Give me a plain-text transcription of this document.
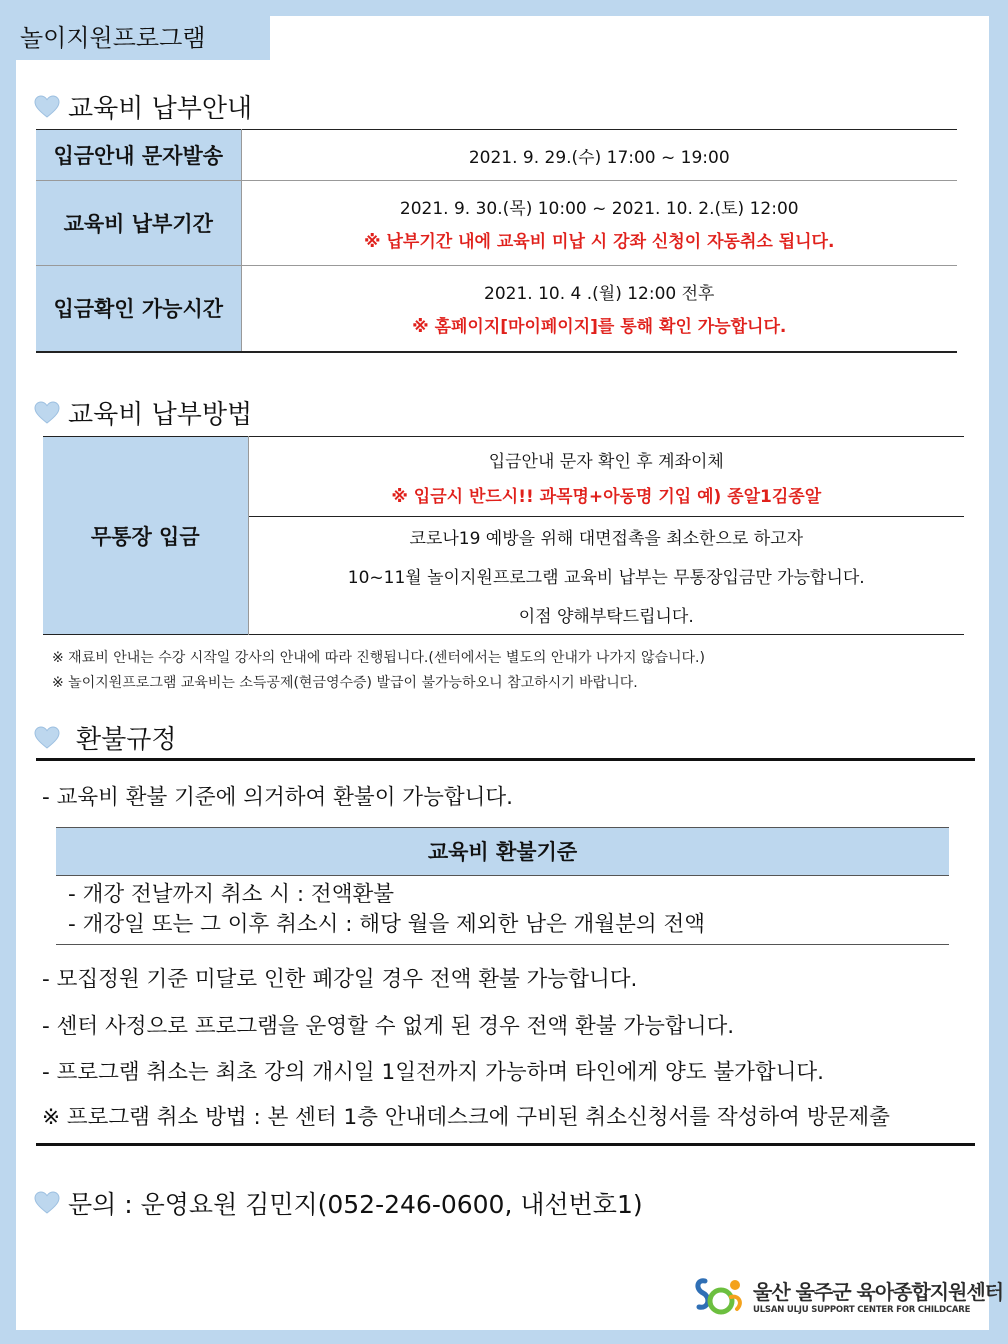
놀이지원프로그램
교육비 납부안내
입금안내 문자발송	2021. 9. 29.(수) 17:00 ~ 19:00

교육비 납부기간	2021. 9. 30.(목) 10:00 ~ 2021. 10. 2.(토) 12:00
※ 납부기간 내에 교육비 미납 시 강좌 신청이 자동취소 됩니다.

입금확인 가능시간	2021. 10. 4 .(월) 12:00 전후
※ 홈페이지[마이페이지]를 통해 확인 가능합니다.
교육비 납부방법
무통장 입금	
입금안내 문자 확인 후 계좌이체
※ 입금시 반드시!! 과목명+아동명 기입 예) 종알1김종알

코로나19 예방을 위해 대면접촉을 최소한으로 하고자
10~11월 놀이지원프로그램 교육비 납부는 무통장입금만 가능합니다.
이점 양해부탁드립니다.
※ 재료비 안내는 수강 시작일 강사의 안내에 따라 진행됩니다.(센터에서는 별도의 안내가 나가지 않습니다.)
※ 놀이지원프로그램 교육비는 소득공제(현금영수증) 발급이 불가능하오니 참고하시기 바랍니다.
환불규정
- 교육비 환불 기준에 의거하여 환불이 가능합니다.
교육비 환불기준
- 개강 전날까지 취소 시 : 전액환불
- 개강일 또는 그 이후 취소시 : 해당 월을 제외한 남은 개월분의 전액
- 모집정원 기준 미달로 인한 폐강일 경우 전액 환불 가능합니다.
- 센터 사정으로 프로그램을 운영할 수 없게 된 경우 전액 환불 가능합니다.
- 프로그램 취소는 최초 강의 개시일 1일전까지 가능하며 타인에게 양도 불가합니다.
※ 프로그램 취소 방법 : 본 센터 1층 안내데스크에 구비된 취소신청서를 작성하여 방문제출
문의 : 운영요원 김민지(052-246-0600, 내선번호1)
울산 울주군 육아종합지원센터
ULSAN ULJU SUPPORT CENTER FOR CHILDCARE
